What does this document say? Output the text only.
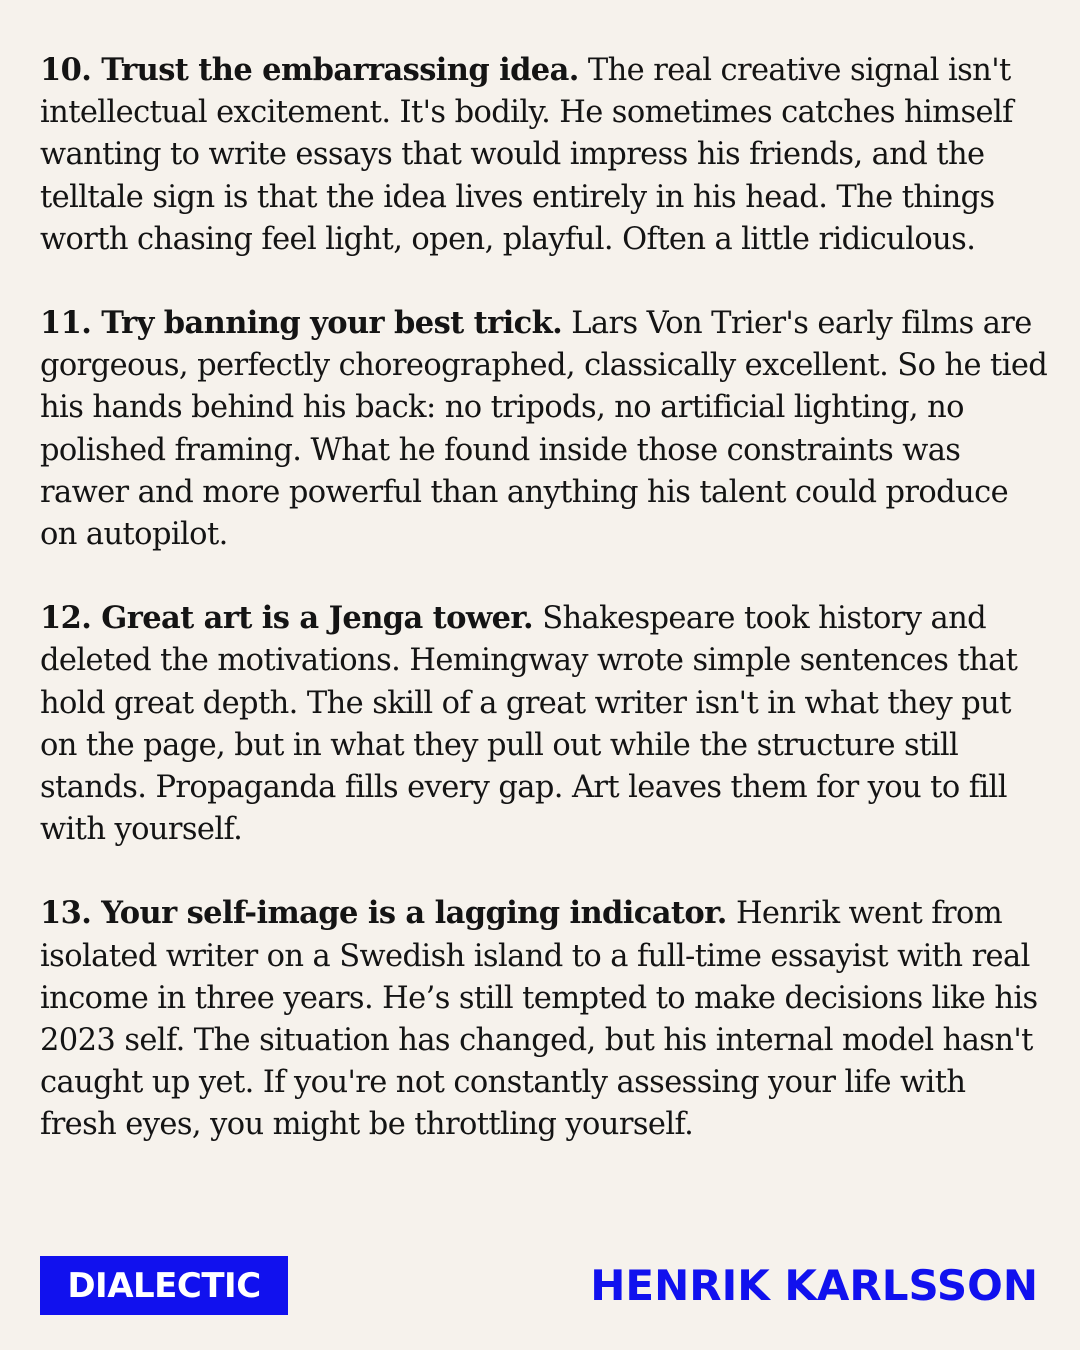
10. Trust the embarrassing idea. The real creative signal isn't intellectual excitement. It's bodily. He sometimes catches himself wanting to write essays that would impress his friends, and the telltale sign is that the idea lives entirely in his head. The things worth chasing feel light, open, playful. Often a little ridiculous.

11. Try banning your best trick. Lars Von Trier's early films are gorgeous, perfectly choreographed, classically excellent. So he tied his hands behind his back: no tripods, no artificial lighting, no polished framing. What he found inside those constraints was rawer and more powerful than anything his talent could produce on autopilot.

12. Great art is a Jenga tower. Shakespeare took history and deleted the motivations. Hemingway wrote simple sentences that hold great depth. The skill of a great writer isn't in what they put on the page, but in what they pull out while the structure still stands. Propaganda fills every gap. Art leaves them for you to fill with yourself.

13. Your self-image is a lagging indicator. Henrik went from isolated writer on a Swedish island to a full-time essayist with real income in three years. He’s still tempted to make decisions like his 2023 self. The situation has changed, but his internal model hasn't caught up yet. If you're not constantly assessing your life with fresh eyes, you might be throttling yourself.

DIALECTIC	HENRIK KARLSSON
